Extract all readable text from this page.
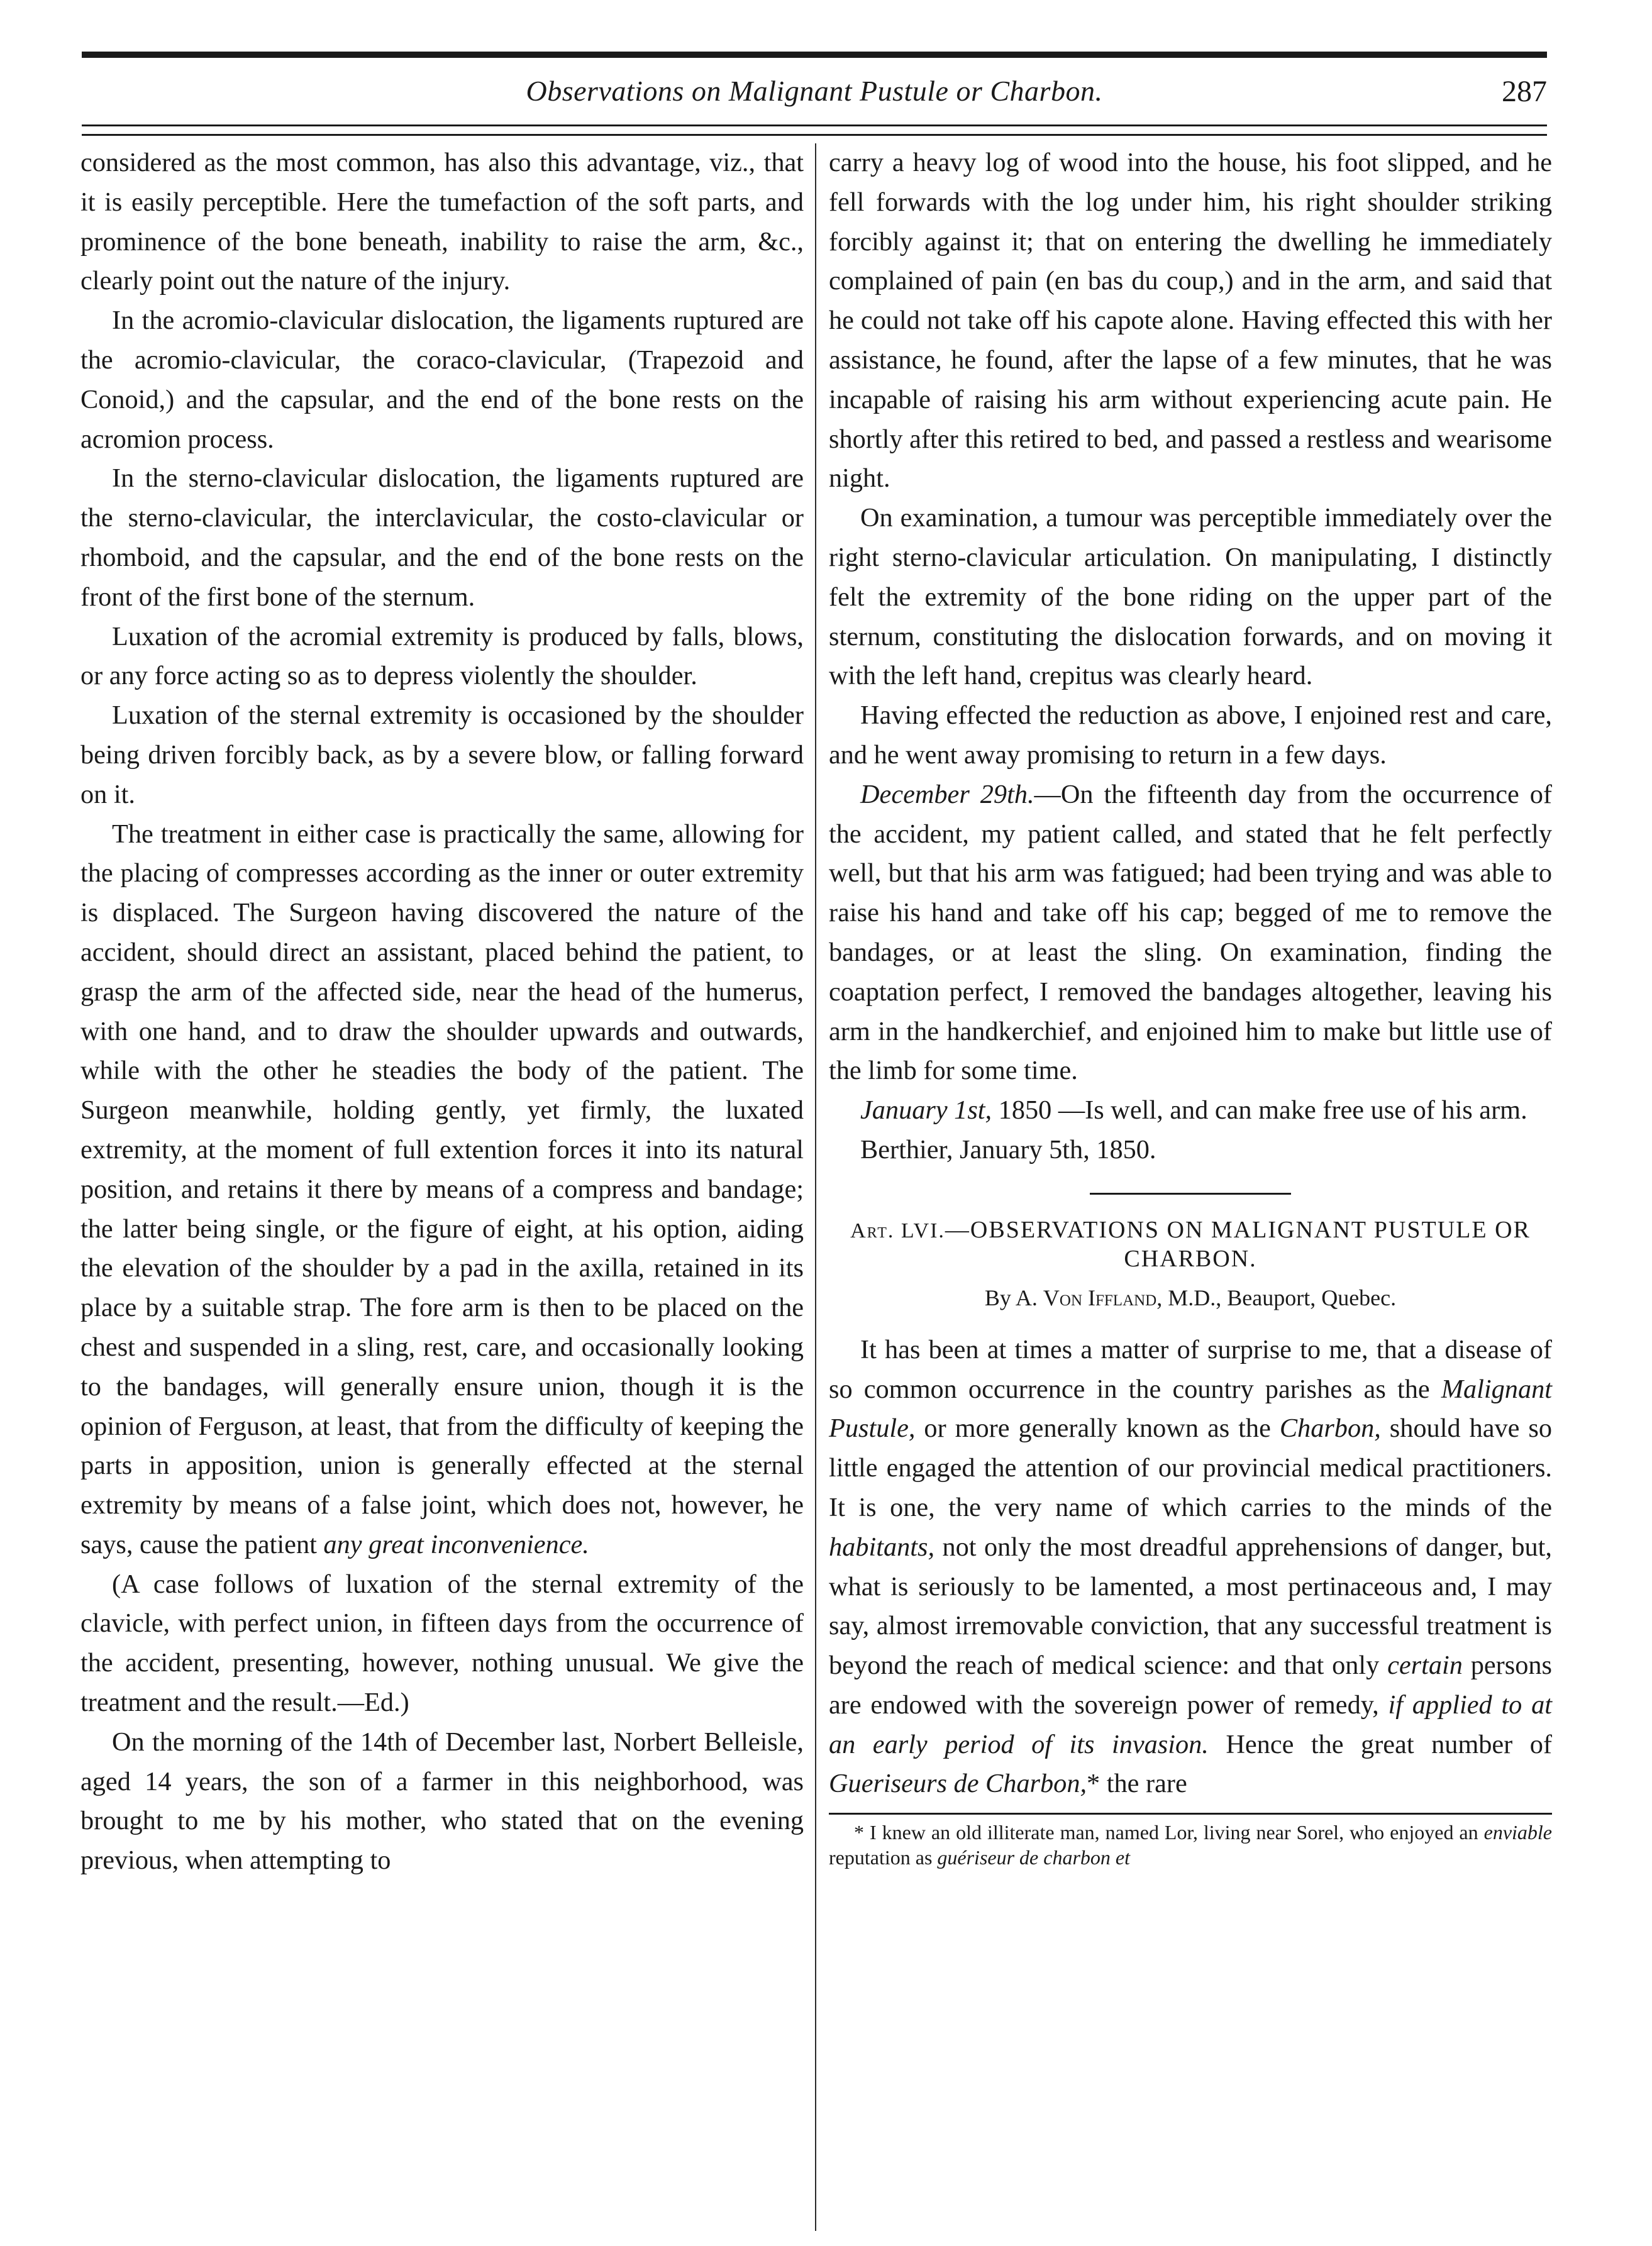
Observations on Malignant Pustule or Charbon.	287

considered as the most common, has also this advantage, viz., that it is easily perceptible. Here the tumefaction of the soft parts, and prominence of the bone beneath, inability to raise the arm, &c., clearly point out the nature of the injury.

In the acromio-clavicular dislocation, the ligaments ruptured are the acromio-clavicular, the coraco-clavicular, (Trapezoid and Conoid,) and the capsular, and the end of the bone rests on the acromion process.

In the sterno-clavicular dislocation, the ligaments ruptured are the sterno-clavicular, the interclavicular, the costo-clavicular or rhomboid, and the capsular, and the end of the bone rests on the front of the first bone of the sternum.

Luxation of the acromial extremity is produced by falls, blows, or any force acting so as to depress violently the shoulder.

Luxation of the sternal extremity is occasioned by the shoulder being driven forcibly back, as by a severe blow, or falling forward on it.

The treatment in either case is practically the same, allowing for the placing of compresses according as the inner or outer extremity is displaced. The Surgeon having discovered the nature of the accident, should direct an assistant, placed behind the patient, to grasp the arm of the affected side, near the head of the humerus, with one hand, and to draw the shoulder upwards and outwards, while with the other he steadies the body of the patient. The Surgeon meanwhile, holding gently, yet firmly, the luxated extremity, at the moment of full extention forces it into its natural position, and retains it there by means of a compress and bandage; the latter being single, or the figure of eight, at his option, aiding the elevation of the shoulder by a pad in the axilla, retained in its place by a suitable strap. The fore arm is then to be placed on the chest and suspended in a sling, rest, care, and occasionally looking to the bandages, will generally ensure union, though it is the opinion of Ferguson, at least, that from the difficulty of keeping the parts in apposition, union is generally effected at the sternal extremity by means of a false joint, which does not, however, he says, cause the patient any great inconvenience.

(A case follows of luxation of the sternal extremity of the clavicle, with perfect union, in fifteen days from the occurrence of the accident, presenting, however, nothing unusual. We give the treatment and the result.—Ed.)

On the morning of the 14th of December last, Norbert Belleisle, aged 14 years, the son of a farmer in this neighborhood, was brought to me by his mother, who stated that on the evening previous, when attempting to

carry a heavy log of wood into the house, his foot slipped, and he fell forwards with the log under him, his right shoulder striking forcibly against it; that on entering the dwelling he immediately complained of pain (en bas du coup,) and in the arm, and said that he could not take off his capote alone. Having effected this with her assistance, he found, after the lapse of a few minutes, that he was incapable of raising his arm without experiencing acute pain. He shortly after this retired to bed, and passed a restless and wearisome night.

On examination, a tumour was perceptible immediately over the right sterno-clavicular articulation. On manipulating, I distinctly felt the extremity of the bone riding on the upper part of the sternum, constituting the dislocation forwards, and on moving it with the left hand, crepitus was clearly heard.

Having effected the reduction as above, I enjoined rest and care, and he went away promising to return in a few days.

December 29th.—On the fifteenth day from the occurrence of the accident, my patient called, and stated that he felt perfectly well, but that his arm was fatigued; had been trying and was able to raise his hand and take off his cap; begged of me to remove the bandages, or at least the sling. On examination, finding the coaptation perfect, I removed the bandages altogether, leaving his arm in the handkerchief, and enjoined him to make but little use of the limb for some time.

January 1st, 1850 —Is well, and can make free use of his arm.

Berthier, January 5th, 1850.

Art. LVI.—OBSERVATIONS ON MALIGNANT PUSTULE OR CHARBON.

By A. Von Iffland, M.D., Beauport, Quebec.

It has been at times a matter of surprise to me, that a disease of so common occurrence in the country parishes as the Malignant Pustule, or more generally known as the Charbon, should have so little engaged the attention of our provincial medical practitioners. It is one, the very name of which carries to the minds of the habitants, not only the most dreadful apprehensions of danger, but, what is seriously to be lamented, a most pertinaceous and, I may say, almost irremovable conviction, that any successful treatment is beyond the reach of medical science: and that only certain persons are endowed with the sovereign power of remedy, if applied to at an early period of its invasion. Hence the great number of Gueriseurs de Charbon,* the rare

* I knew an old illiterate man, named Lor, living near Sorel, who enjoyed an enviable reputation as guériseur de charbon et
